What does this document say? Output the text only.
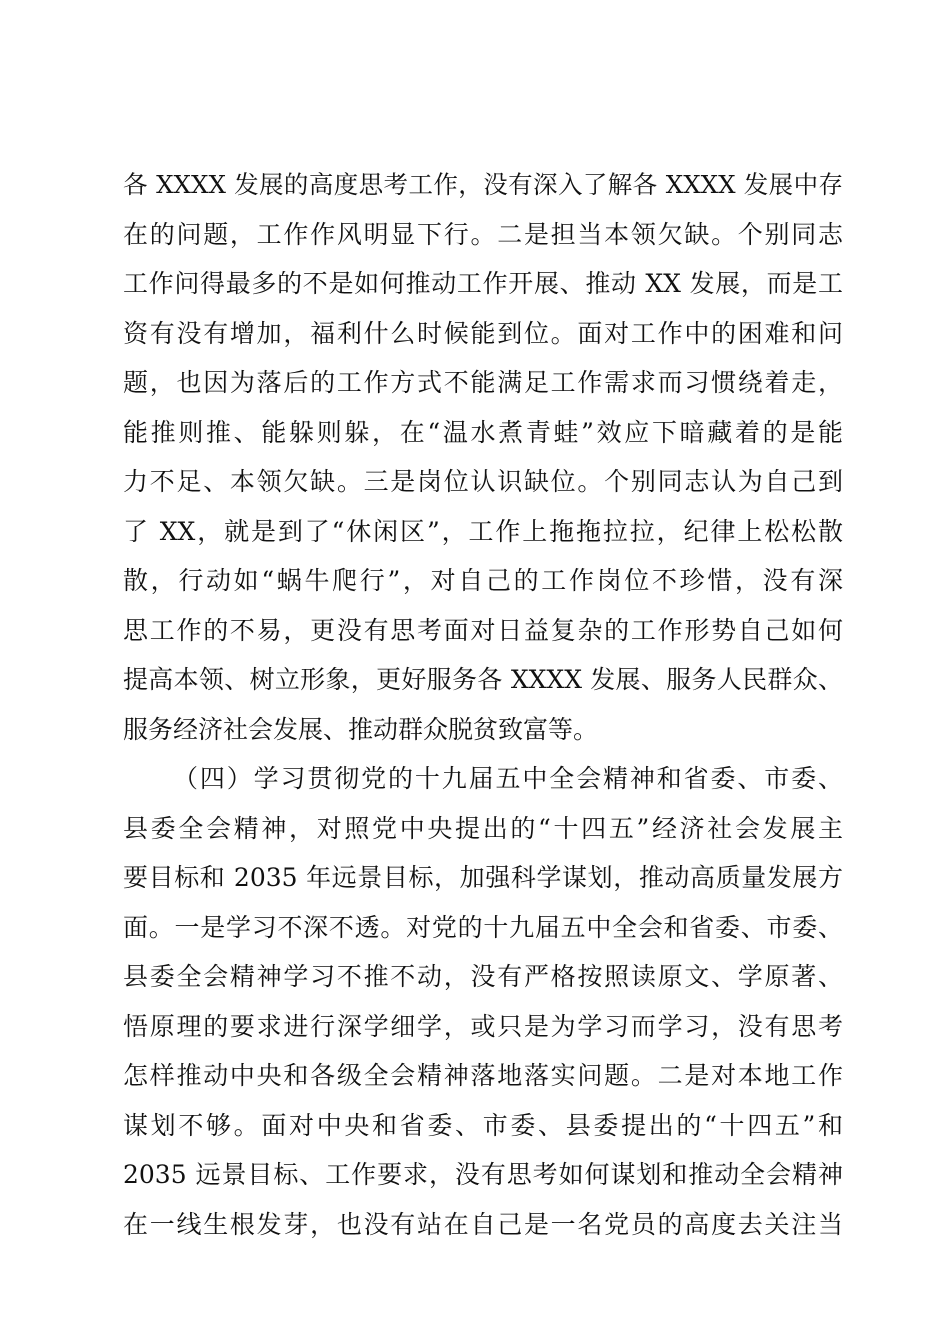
各 XXXX 发展的高度思考工作，没有深入了解各 XXXX 发展中存
在的问题，工作作风明显下行。二是担当本领欠缺。个别同志
工作问得最多的不是如何推动工作开展、推动 XX 发展，而是工
资有没有增加，福利什么时候能到位。面对工作中的困难和问
题，也因为落后的工作方式不能满足工作需求而习惯绕着走，
能推则推、能躲则躲，在“温水煮青蛙”效应下暗藏着的是能
力不足、本领欠缺。三是岗位认识缺位。个别同志认为自己到
了 XX，就是到了“休闲区”，工作上拖拖拉拉，纪律上松松散
散，行动如“蜗牛爬行”，对自己的工作岗位不珍惜，没有深
思工作的不易，更没有思考面对日益复杂的工作形势自己如何
提高本领、树立形象，更好服务各 XXXX 发展、服务人民群众、
服务经济社会发展、推动群众脱贫致富等。
（四）学习贯彻党的十九届五中全会精神和省委、市委、
县委全会精神，对照党中央提出的“十四五”经济社会发展主
要目标和 2035 年远景目标，加强科学谋划，推动高质量发展方
面。一是学习不深不透。对党的十九届五中全会和省委、市委、
县委全会精神学习不推不动，没有严格按照读原文、学原著、
悟原理的要求进行深学细学，或只是为学习而学习，没有思考
怎样推动中央和各级全会精神落地落实问题。二是对本地工作
谋划不够。面对中央和省委、市委、县委提出的“十四五”和
2035 远景目标、工作要求，没有思考如何谋划和推动全会精神
在一线生根发芽，也没有站在自己是一名党员的高度去关注当
